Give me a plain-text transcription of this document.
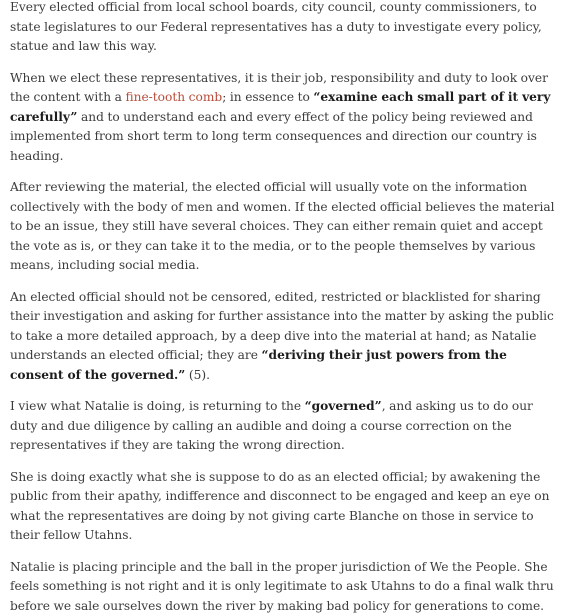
Every elected official from local school boards, city council, county commissioners, to state legislatures to our Federal representatives has a duty to investigate every policy, statue and law this way.

When we elect these representatives, it is their job, responsibility and duty to look over the content with a fine-tooth comb; in essence to “examine each small part of it very carefully” and to understand each and every effect of the policy being reviewed and implemented from short term to long term consequences and direction our country is heading.

After reviewing the material, the elected official will usually vote on the information collectively with the body of men and women. If the elected official believes the material to be an issue, they still have several choices. They can either remain quiet and accept the vote as is, or they can take it to the media, or to the people themselves by various means, including social media.

An elected official should not be censored, edited, restricted or blacklisted for sharing their investigation and asking for further assistance into the matter by asking the public to take a more detailed approach, by a deep dive into the material at hand; as Natalie understands an elected official; they are “deriving their just powers from the consent of the governed.” (5).

I view what Natalie is doing, is returning to the “governed”, and asking us to do our duty and due diligence by calling an audible and doing a course correction on the representatives if they are taking the wrong direction.

She is doing exactly what she is suppose to do as an elected official; by awakening the public from their apathy, indifference and disconnect to be engaged and keep an eye on what the representatives are doing by not giving carte Blanche on those in service to their fellow Utahns.

Natalie is placing principle and the ball in the proper jurisdiction of We the People. She feels something is not right and it is only legitimate to ask Utahns to do a final walk thru before we sale ourselves down the river by making bad policy for generations to come.
